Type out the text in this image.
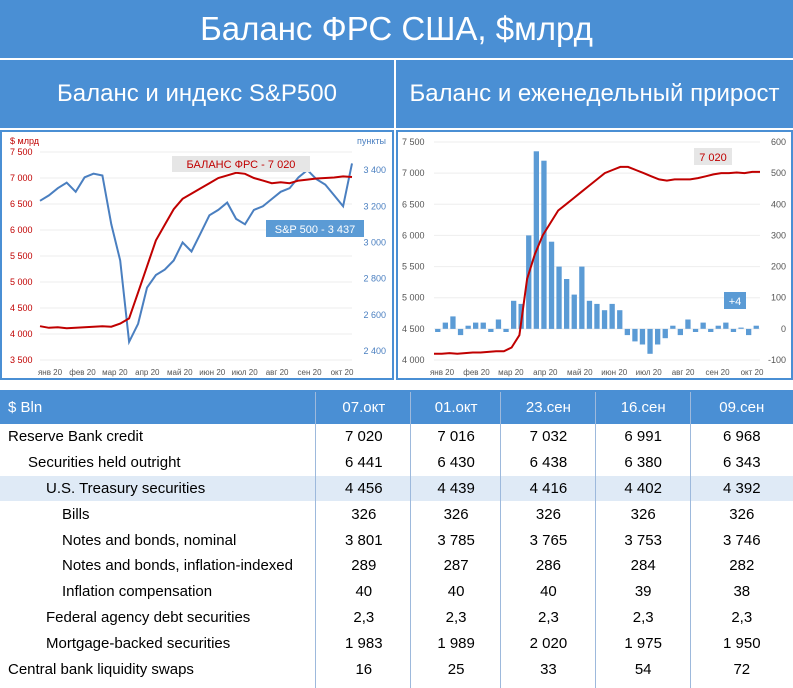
Баланс ФРС США, $млрд
Баланс и индекс S&P500	Баланс и еженедельный прирост
$ млрд	пункты
7 500
7 000
6 500
6 000
5 500
5 000
4 500
4 000
3 500
3 400
3 200
3 000
2 800
2 600
2 400
янв 20 фев 20 мар 20 апр 20 май 20 июн 20 июл 20 авг 20 сен 20 окт 20
БАЛАНС ФРС - 7 020
S&P 500 - 3 437
7 500
7 000
6 500
6 000
5 500
5 000
4 500
4 000
600
500
400
300
200
100
0
-100
янв 20 фев 20 мар 20 апр 20 май 20 июн 20 июл 20 авг 20 сен 20 окт 20
7 020
+4
$ Bln	07.окт	01.окт	23.сен	16.сен	09.сен
Reserve Bank credit	7 020	7 016	7 032	6 991	6 968
Securities held outright	6 441	6 430	6 438	6 380	6 343
U.S. Treasury securities	4 456	4 439	4 416	4 402	4 392
Bills	326	326	326	326	326
Notes and bonds, nominal	3 801	3 785	3 765	3 753	3 746
Notes and bonds, inflation-indexed	289	287	286	284	282
Inflation compensation	40	40	40	39	38
Federal agency debt securities	2,3	2,3	2,3	2,3	2,3
Mortgage-backed securities	1 983	1 989	2 020	1 975	1 950
Central bank liquidity swaps	16	25	33	54	72
